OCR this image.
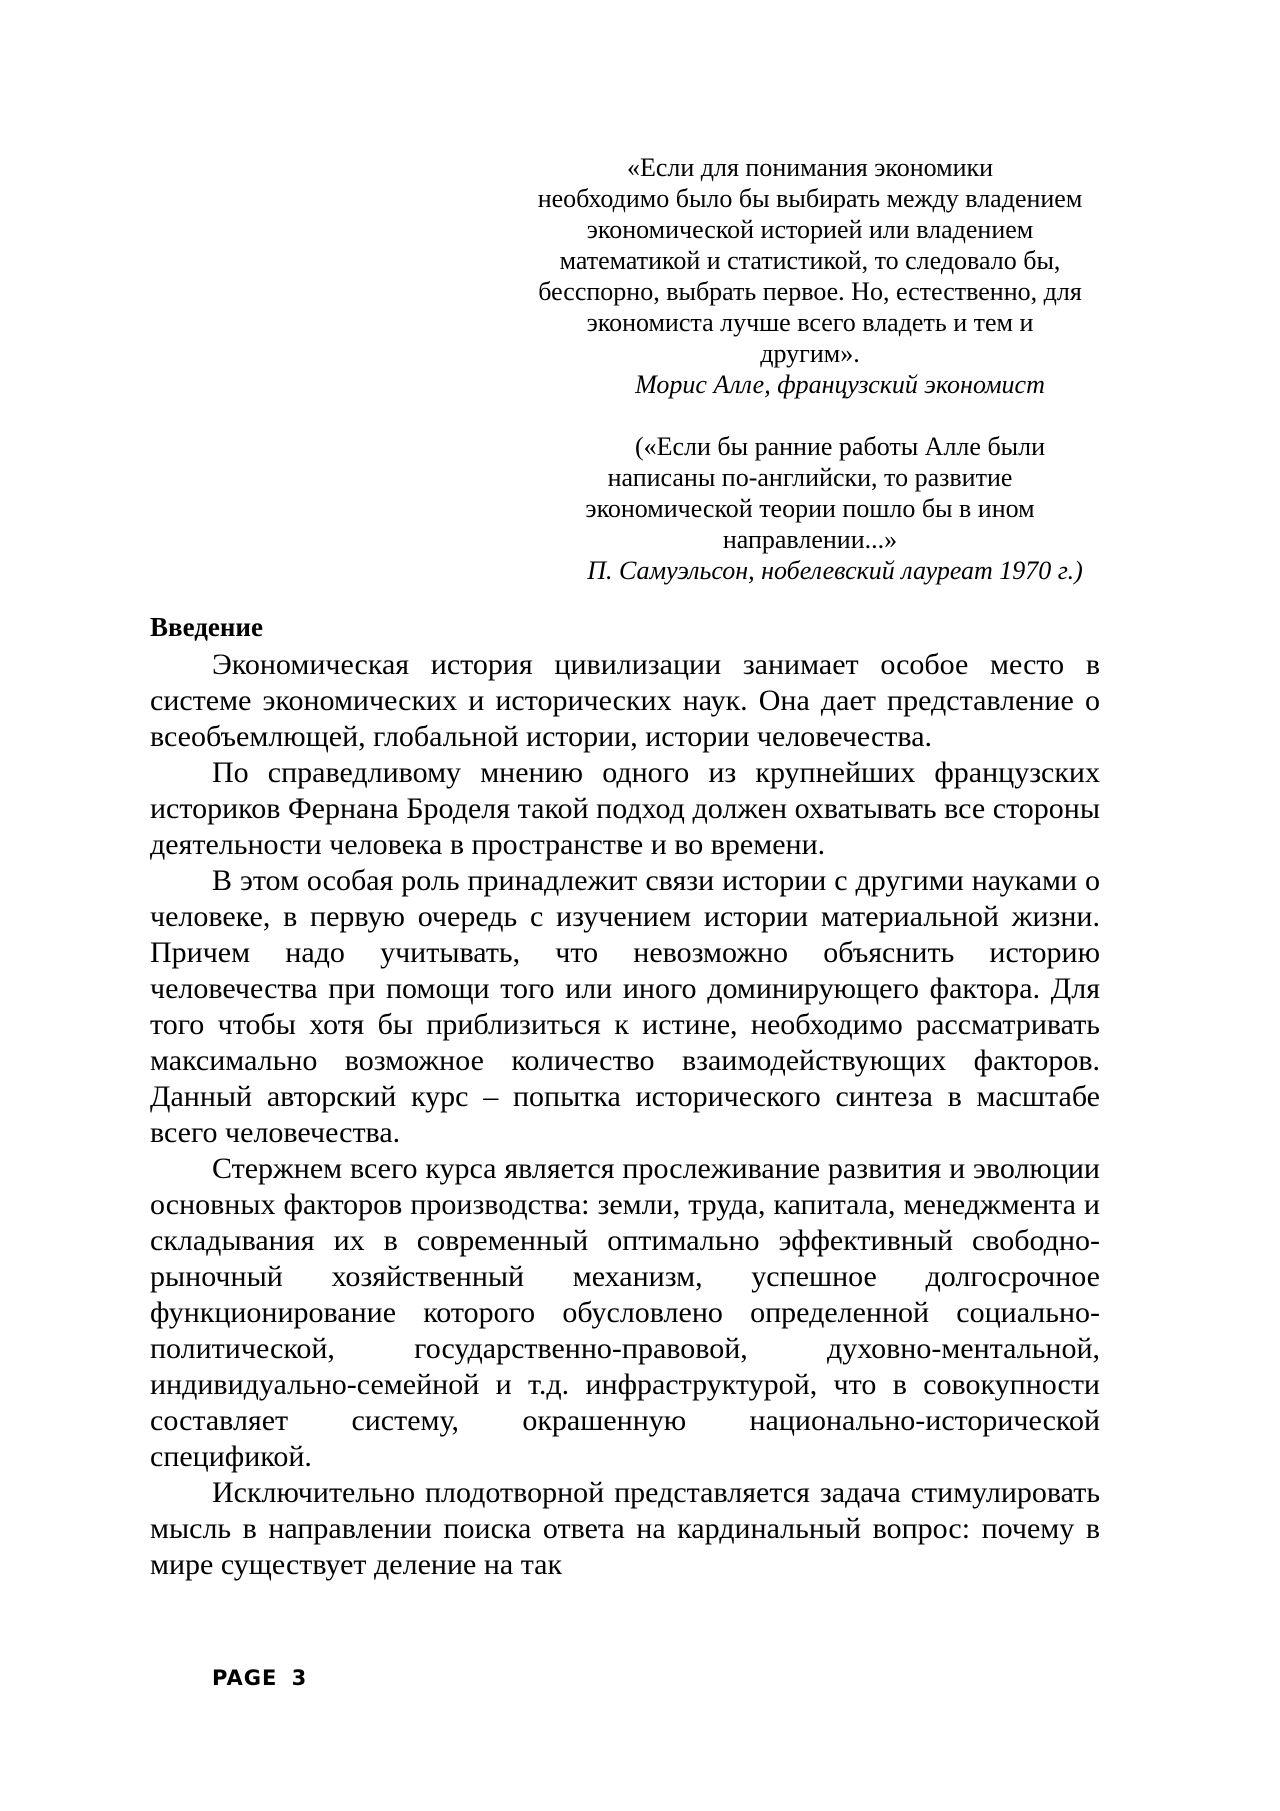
«Если для понимания экономики
необходимо было бы выбирать между владением
экономической историей или владением
математикой и статистикой, то следовало бы,
бесспорно, выбрать первое. Но, естественно, для
экономиста лучше всего владеть и тем и
другим».
Морис Алле, французский экономист
(«Если бы ранние работы Алле были
написаны по-английски, то развитие
экономической теории пошло бы в ином
направлении...»
П. Самуэльсон, нобелевский лауреат 1970 г.)
Введение

Экономическая история цивилизации занимает особое место в системе экономических и исторических наук. Она дает представление о всеобъемлющей, глобальной истории, истории человечества.

По справедливому мнению одного из крупнейших французских историков Фернана Броделя такой подход должен охватывать все стороны деятельности человека в пространстве и во времени.

В этом особая роль принадлежит связи истории с другими науками о человеке, в первую очередь с изучением истории материальной жизни. Причем надо учитывать, что невозможно объяснить историю человечества при помощи того или иного доминирующего фактора. Для того чтобы хотя бы приблизиться к истине, необходимо рассматривать максимально возможное количество взаимодействующих факторов. Данный авторский курс – попытка исторического синтеза в масштабе всего человечества.

Стержнем всего курса является прослеживание развития и эволюции основных факторов производства: земли, труда, капитала, менеджмента и складывания их в современный оптимально эффективный свободно-рыночный хозяйственный механизм, успешное долгосрочное функционирование которого обусловлено определенной социально-политической, государственно-правовой, духовно-ментальной, индивидуально-семейной и т.д. инфраструктурой, что в совокупности составляет систему, окрашенную национально-исторической спецификой.

Исключительно плодотворной представляется задача стимулировать мысль в направлении поиска ответа на кардинальный вопрос: почему в мире существует деление на так

PAGE 3
